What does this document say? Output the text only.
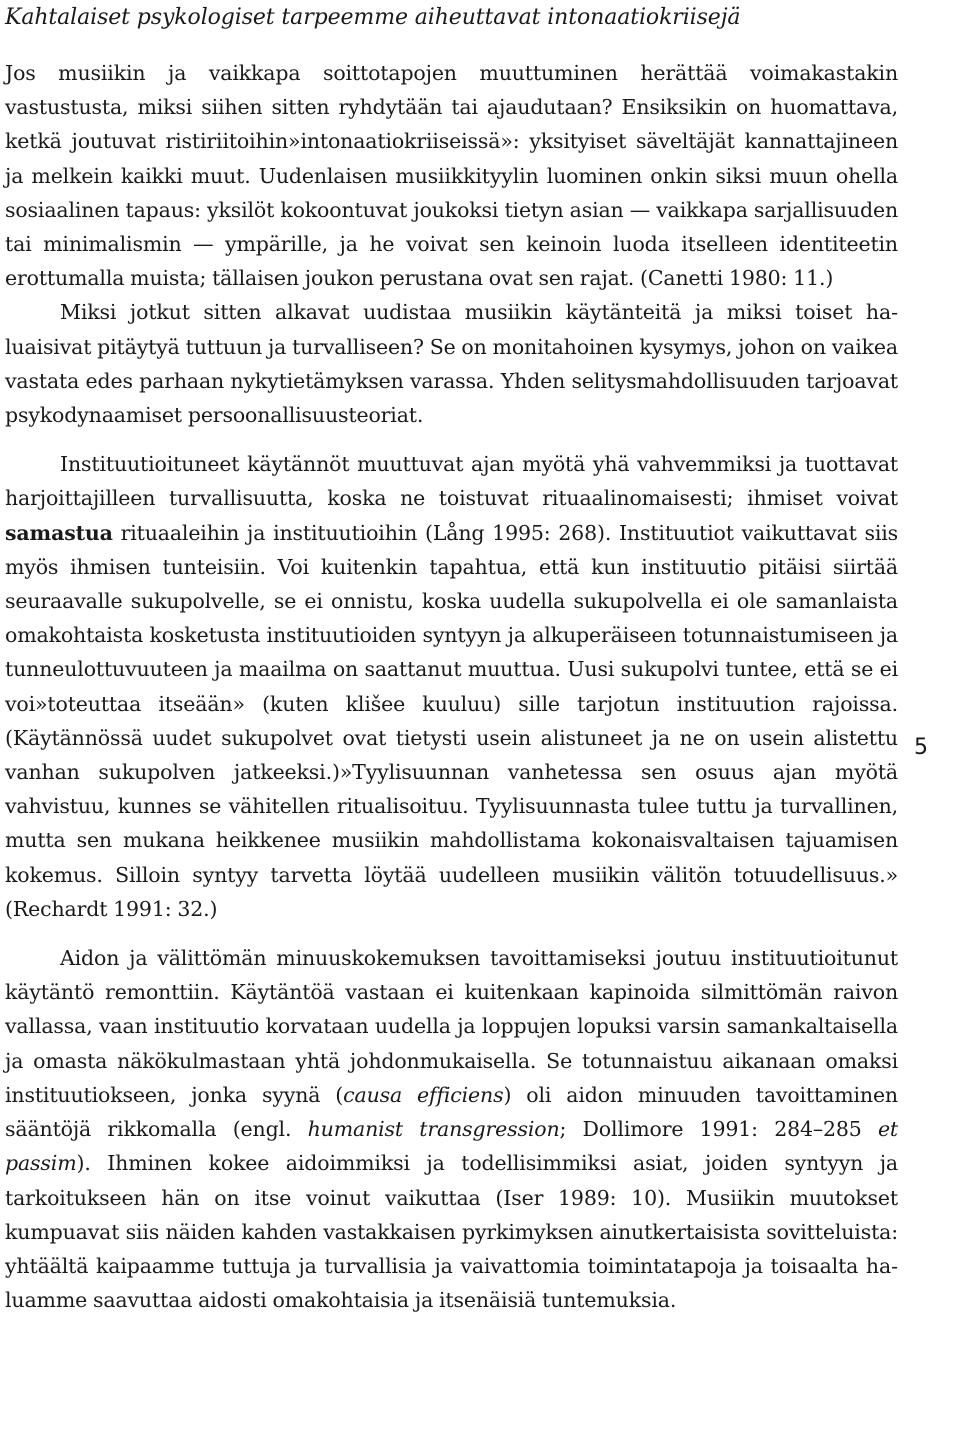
Kahtalaiset psykologiset tarpeemme aiheuttavat intonaatiokriisejä

Jos musiikin ja vaikkapa soittotapojen muuttuminen herättää voimakastakin vastustusta, miksi siihen sitten ryhdytään tai ajaudutaan? Ensiksikin on huomattava, ketkä joutuvat ristiriitoihin»intonaatiokriiseissä»: yksityiset säveltäjät kannattajineen ja melkein kaikki muut. Uudenlaisen musiikkityylin luominen onkin siksi muun ohella sosiaalinen tapaus: yksilöt kokoontuvat joukoksi tietyn asian — vaikkapa sarjallisuuden tai minimalismin — ympärille, ja he voivat sen keinoin luoda itselleen identiteetin erottumalla muista; tällaisen joukon perustana ovat sen rajat. (Canetti 1980: 11.)

Miksi jotkut sitten alkavat uudistaa musiikin käytänteitä ja miksi toiset haluaisivat pitäytyä tuttuun ja turvalliseen? Se on monitahoinen kysymys, johon on vaikea vastata edes parhaan nykytietämyksen varassa. Yhden selitysmahdollisuuden tarjoavat psykodynaamiset persoonallisuusteoriat.

Instituutioituneet käytännöt muuttuvat ajan myötä yhä vahvemmiksi ja tuottavat harjoittajilleen turvallisuutta, koska ne toistuvat rituaalinomaisesti; ihmiset voivat samastua rituaaleihin ja instituutioihin (Lång 1995: 268). Instituutiot vaikuttavat siis myös ihmisen tunteisiin. Voi kuitenkin tapahtua, että kun instituutio pitäisi siirtää seuraavalle sukupolvelle, se ei onnistu, koska uudella sukupolvella ei ole samanlaista omakohtaista kosketusta instituutioiden syntyyn ja alkuperäiseen totunnaistumiseen ja tunneulottuvuuteen ja maailma on saattanut muuttua. Uusi sukupolvi tuntee, että se ei voi»toteuttaa itseään» (kuten klišee kuuluu) sille tarjotun instituution rajoissa. (Käytännössä uudet sukupolvet ovat tietysti usein alistuneet ja ne on usein alistettu vanhan sukupolven jatkeeksi.)»Tyylisuunnan vanhetessa sen osuus ajan myötä vahvistuu, kunnes se vähitellen ritualisoituu. Tyylisuunnasta tulee tuttu ja turvallinen, mutta sen mukana heikkenee musiikin mahdollistama kokonaisvaltaisen tajuamisen kokemus. Silloin syntyy tarvetta löytää uudelleen musiikin välitön totuudellisuus.» (Rechardt 1991: 32.)

Aidon ja välittömän minuuskokemuksen tavoittamiseksi joutuu instituutioitunut käytäntö remonttiin. Käytäntöä vastaan ei kuitenkaan kapinoida silmittömän raivon vallassa, vaan instituutio korvataan uudella ja loppujen lopuksi varsin samankaltaisella ja omasta näkökulmastaan yhtä johdonmukaisella. Se totunnaistuu aikanaan omaksi instituutiokseen, jonka syynä (causa efficiens) oli aidon minuuden tavoittaminen sääntöjä rikkomalla (engl. humanist transgression; Dollimore 1991: 284–285 et passim). Ihminen kokee aidoimmiksi ja todellisimmiksi asiat, joiden syntyyn ja tarkoitukseen hän on itse voinut vaikuttaa (Iser 1989: 10). Musiikin muutokset kumpuavat siis näiden kahden vastakkaisen pyrkimyksen ainutkertaisista sovitteluista: yhtäältä kaipaamme tuttuja ja turvallisia ja vaivattomia toimintatapoja ja toisaalta haluamme saavuttaa aidosti omakohtaisia ja itsenäisiä tuntemuksia.

5
